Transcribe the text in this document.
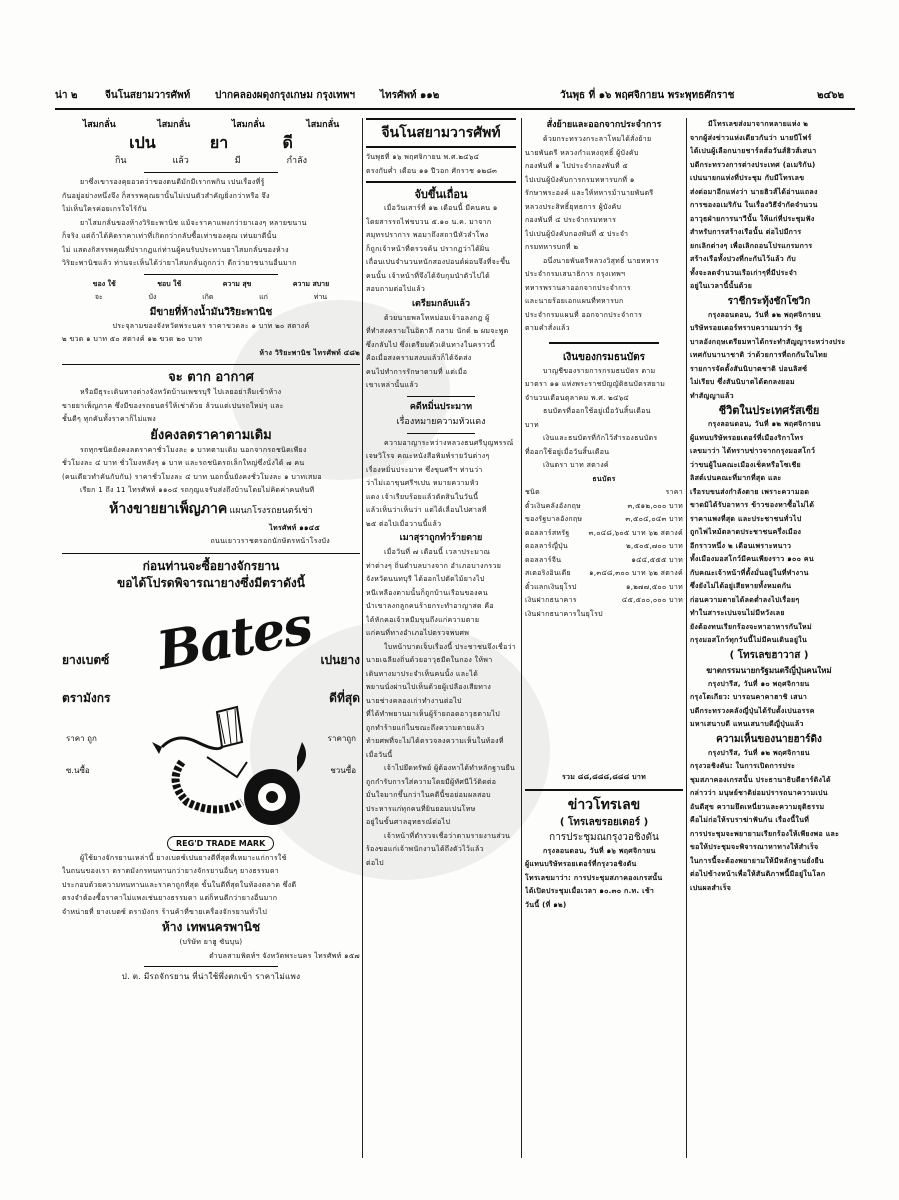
น่า ๒	จีนโนสยามวารศัพท์ ปากคลองผดุงกรุงเกษม กรุงเทพฯ	ไทรศัพท์ ๑๑๒	วันพุธ ที่ ๑๖ พฤศจิกายน พระพุทธศักราช	๒๔๖๒
ไสมกลั่น	ไสมกลั่น	ไสมกลั่น	ไสมกลั่น
เปน	ยา	ดี
กิน	แล้ว	มี	กำลัง
ยาซึ่งเขารองคุยอวดว่าของตนดีมักมีเรากพกิน เปนเรื่องที่รู้
กันอยู่อย่างหนึ่งจึง ก็สรรพคุณยานั้นไม่เปนตัวสำคัญยิ่งกว่าหรือ จึง
ไม่เห็นใครค่อยเกรใจไร้กัน
ยาไสมกลั่นของห้างวิริยะพานิช แม้จะราคาแพงกว่ายาเองๆ หลายขนาน
ก็จริง แต่ถ้าได้คิดราคาเท่าที่เกิดกว่ากลับซื้อเท่าของคุณ เท่นยาดีนั้น
ไม่ แสดงกิสรรพคุณที่ปรากฏแก่ท่านผู้คนรับประทานยาไสมกลั่นของห้าง
วิริยะพานิชแล้ว ท่านจะเห็นได้ว่ายาไสมกลั่นถูกกว่า ดีกว่ายาขนานอื่นมาก
ของ ใช้	ชอบ ใช้	ความ สุข	ความ สบาย
จะ	บัง	เกิด	แก่	ท่าน
มีขายที่ห้างน้ำมันวิริยะพานิช
ประจุลามของจังหวัดพระนคร ราคาขวดละ ๑ บาท ๒๐ สตางค์
๒ ขวด ๑ บาท ๕๐ สตางค์ ๑๒ ขวด ๒๐ บาท
ห้าง วิริยะพานิช ไทรศัพท์ ๔๘๒
จะ ตาก อากาศ
หรือมีธุระเดินทางต่างจังหวัดบ้านเพชรบุรี ไปเลยอย่าลืมเข้าห้าง
ขายยาเพ็ญภาค ซึ่งมีของรถยนตร์ให้เช่าด้วย ล้วนแต่เปนรถใหม่ๆ และ
ชั้นดีๆ ทุกคันทั้งราคาก็ไม่แพง
ยังคงลดราคาตามเดิม
รถทุกชนิดยังคงลดราคาชั่วโมงละ ๑ บาทตามเดิม นอกจากรถชนิดเพียง
ชั่วโมงละ ๔ บาท ชั่วโมงหลังๆ ๑ บาท และรถชนิดรถเล็กใหญ่ซึ่งนั่งได้ ๗ คน
(คนเดียวทำคันกับกัน) ราคาชั่วโมงละ ๔ บาท นอกนั้นยังคงชั่วโมงละ ๑ บาทเสมอ
เรียก 1 ถึง 11 ไทรศัพท์ ๑๑๐๔ รถกุญแจรับส่งถึงบ้านโดยไม่คิดค่าคนทันที
ห้างขายยาเพ็ญภาค แผนกโรงรถยนตร์เช่า
ไทรศัพท์ ๑๑๔๕
ถนนเยาวราชตรอกนักษัตรหน้าโรงบัง
ก่อนท่านจะซื้อยางจักรยาน
ขอได้โปรดพิจารณายางซึ่งมีตราดังนี้
Bates
ยางเบตซ์
ตรามังกร
ราคา ถูก
ซ.นซื้อ
เปนยาง
ดีที่สุด
ราคาถูก
ชวนซื้อ
REG'D TRADE MARK
ผู้ใช้ยางจักรยานเหล่านี้ ยางเบตซ์เปนยางดีที่สุดที่เหมาะแก่การใช้
ในถนนของเรา ตราตมังกรทนทานกว่ายางจักรยานอื่นๆ ยางธรรมดา
ประกอบด้วยความทนทานและราคาถูกที่สุด ขั้นในดีที่สุดในท้องตลาด ซึ่งดี
ตรงจำต้องซื้อราคาไม่แพงเช่นยางธรรมดา แต่ก็ทนดีกว่ายางอื่นมาก
จำหน่ายที่ ยางเบตซ์ ตรามังกร ร้านค้าที่ขายเครื่องจักรยานทั่วไป
ห้าง เทพนครพานิช
(บริษัท ยาฮู ซันบุน)
ตำบลสามพิตท์ฯ จังหวัดพระนคร ไทรศัพท์ ๑๕๗
ป. ต. มีรถจักรยาน ที่น่าใช้พึ่งตกเข้า ราคาไม่แพง
จีนโนสยามวารศัพท์
วันพุธที่ ๑๖ พฤศจิกายน พ.ศ.๒๔๖๔
ตรงกับค่ำ เดือน ๑๑ ปีวอก ศักราช ๑๒๘๓
จับขึ้นเถื่อน
เมื่อวันเสาร์ที่ ๑๒ เดือนนี้ มีคนคน ๑
โดยสารรถไฟขบวน ๕.๑๐ น.ค. มาจาก
สมุทรปราการ พอมาถึงสถานีหัวลำโพง
ก็ถูกเจ้าหน้าที่ตรวจค้น ปรากฏว่าได้ฝิ่น
เถื่อนเปนจำนวนหนักสองปอนด์ผ่อนจึงที่จะขึ้น
คนนั้น เจ้าหน้าที่จึงได้จับกุมนำตัวไปได้
สอบถามต่อไปแล้ว
เตรียมกลับแล้ว
ด้วยนายพลโทหม่อมเจ้าอลงกฎ ผู้
ที่ทำสงครามในอิตาลี กลาม นักด์ ๒ ผมจะพูด
ซึ่งกลับไป ซึ่งเตรียมตัวเดินทางในคราวนี้
คือเมื่อสงครามสงบแล้วก็ได้จัดส่ง
คนไปทำการรักษาตามที่ แต่เมื่อ
เขาเหล่านั้นแล้ว
คดีหมิ่นประมาท
เรื่องหมายความหัวแดง
ความอาญาระหว่างหลวงธนศรีบุญพรรณ์
เจษวิโรจ คณะหนังสือพิมพ์รายวันต่างๆ
เรื่องหมิ่นประมาท ซึ่งขุนศรีฯ ท่านว่า
ว่าไม่เอาขุนศรีฯเปน หมายความหัว
แดง เจ้าเรียบร้อยแล้วตัดสินในวันนี้
แล้วเห็นว่าเห็นว่า แต่ได้เลื่อนไปศาลที่
๒๕ ต่อไปเมื่อวานนี้แล้ว
เมาสุราถูกทำร้ายตาย
เมื่อวันที่ ๗ เดือนนี้ เวลาประมาณ
ท่าต่างๆ ถิ่นตำบลบางจาก อำเภอบางกรวย
จังหวัดนนทบุรี ได้ออกไปตัดไม้ยางไป
หนีเหลืองตามนั้นก็ถูกบ้านเรือนของคน
นำเขาลงกลูกคนร้ายกระทำอาญาสด คือ
ได้หักคอเจ้าหมีมขุนถึงแก่ความตาย
แก่คนที่ทางอำเภอไปตรวจพบศพ
ใบหน้าบาดเจ็บเรื่องนี้ ประชาชนจึงเชื่อว่า
นายเฉลียงถิ่นด้วยอาวุธมีดในกอง ให้พา
เดินทางมาประจำเห็นคนนั้ง และได้
พยานนั่งผ่านไปเห็นด้วยผู้เปลืองเสียทาง
นายช่างคลองเก่าทำงานต่อไป
ที่ได้ทำพยานมาเห็นผู้ร้ายถอดอาวุธตามไป
ถูกทำร้ายแก่ในขณะถึงความตายแล้ว
ท้ายศพที่จะไม่ได้ตรวจลงความเห็นในท้องที่
เมื่อวันนี้
เจ้าไปยึดทรัพย์ ผู้ต้องหาได้ทำหลักฐานยืน
ถูกกำรับการใส่ความโดยมีผู้ทัศนีไว้ติดต่อ
มั่นใจมากขึ้นกว่าในคดีนี้ขอย่อมผลสอบ
ประหารแก่ทุกคนที่ยินยอมเปนโทษ
อยู่ในขั้นศาลอุทธรณ์ต่อไป
เจ้าหน้าที่ตำรวจเชื่อว่าตามรายงานส่วน
ร้องขอแก่เจ้าพนักงานได้ถึงตัวไว้แล้ว
ต่อไป
สั่งย้ายและออกจากประจำการ
ด้วยกระทรวงกระลาโหมได้สั่งย้าย
นายพันตรี หลวงกำแหงฤทธิ์ ผู้บังคับ
กองพันที่ ๑ ไปประจำกองพันที่ ๕
ไปเปนผู้บังคับการกรมทหารบกที่ ๑
รักษาพระองค์ และให้ทหารม้านายพันตรี
หลวงประสิทธิ์ยุทธการ ผู้บังคับ
กองพันที่ ๔ ประจำกรมทหาร
ไปเปนผู้บังคับกองพันที่ ๕ ประจำ
กรมทหารบกที่ ๒
อนึ่งนายพันตรีหลวงวิสุทธิ์ นายทหาร
ประจำกรมเสนาธิการ กรุงเทพฯ
ทหารพรานลาออกจากประจำการ
และนายร้อยเอกแผนที่ทหารบก
ประจำกรมแผนที่ ออกจากประจำการ
ตามคำสั่งแล้ว
เงินของกรมธนบัตร
บาญชีของรายการกรมธนบัตร ตาม
มาตรา ๑๑ แห่งพระราชบัญญัติธนบัตรสยาม
จำนวนเดือนตุลาคม พ.ศ. ๒๔๖๔
ธนบัตรที่ออกใช้อยู่เมื่อวันสิ้นเดือน
บาท
เงินและธนบัตรที่กักไว้สำรองธนบัตร
ที่ออกใช้อยู่เมื่อวันสิ้นเดือน
เงินตรา บาท สตางค์
ธนบัตร
ชนิด	ราคา
ตั๋วเงินคลังอังกฤษ	๓,๕๑๒,๐๐๐ บาท
ของรัฐบาลอังกฤษ	๓,๕๐๔,๐๔๓ บาท
ดอลลาร์สหรัฐ	๓,๐๔๘,๖๐๕ บาท ๖๒ สตางค์
ดอลลาร์ญี่ปุ่น	๒,๕๐๕,๗๐๐ บาท
ดอลลาร์จีน	๑๔๔,๕๕๕ บาท
สเตอริงอินเดีย	๑,๓๔๘,๓๐๐ บาท ๖๒ สตางค์
ตั๋วแลกเงินยุโรป	๑,๒๗๗,๕๐๐ บาท
เงินฝากธนาคาร	๔๕,๕๐๐,๐๐๐ บาท
เงินฝากธนาคารในยุโรป
รวม ๘๘,๘๘๘,๘๘๘ บาท
ข่าวโทรเลข
( โทรเลขรอยเตอร์ )
การประชุมณกรุงวอชิงตัน
กรุงลอนดอน, วันที่ ๑๖ พฤศจิกายน
ผู้แทนบริษัทรอยเตอร์ที่กรุงวอชิงตัน
โทรเลขมาว่า: การประชุมสภาคองเกรสนั้น
ได้เปิดประชุมเมื่อเวลา ๑๐.๓๐ ก.ท. เช้า
วันนี้ (ที่ ๑๒)
มีโทรเลขส่งมาจากหลายแห่ง ๒
จากผู้ส่งข่าวแห่งเดียวกันว่า นายบีโฟร์
ได้เปนผู้เลือกนายชาร์ลส์อวันส์ฮิวส์เสนา
บดีกระทรวงการต่างประเทศ (อเมริกัน)
เปนนายกแห่งที่ประชุม กับมีโทรเลข
ส่งต่อมาอีกแห่งว่า นายฮิวส์ได้อ่านแถลง
การของอเมริกัน ในเรื่องวิธีจำกัดจำนวน
อาวุธฝ่ายการนาวีนั้น ให้แก่ที่ประชุมฟัง
สำหรับการสร้างเรือนั้น ต่อไปมีการ
ยกเลิกต่างๆ เพื่อเลิกถอนโปรแกรมการ
สร้างเรือทั้งปวงที่กะกันไว้แล้ว กับ
ทั้งจะลดจำนวนเรือเก่าๆที่มีประจำ
อยู่ในเวลานี้นั้นด้วย
ราชีกระทุ้งชักโซวิก
กรุงลอนดอน, วันที่ ๑๒ พฤศจิกายน
บริษัทรอยเตอร์ทราบความมาว่า รัฐ
บาลอังกฤษเตรียมหาได้กระทำสัญญาระหว่างประ
เทศกับนานาชาติ ว่าด้วยการที่ถกกันในไทย
รายการจัดตั้งสันนิบาตชาติ บ่อนลิสซ์
ไม่เรียบ ซึ่งสันนิบาตได้ตกลงยอม
ทำสัญญาแล้ว
ชีวิตในประเทศรัสเซีย
กรุงลอนดอน, วันที่ ๑๒ พฤศจิกายน
ผู้แทนบริษัทรอยเตอร์ที่เมืองริกาโทร
เลขมาว่า ได้ทราบข่าวจากกรุงมอสโกว์
ว่าขนผู้ในคณะเมืองเช็คหรือโซเชีย
ลิสต์เปนคณะที่มากที่สุด และ
เรือรบขนส่งกำลังตาย เพราะความอด
ขาดมิได้รับอาหาร ข้าวของหาซื้อไม่ได้
ราคาแพงที่สุด และประชาชนทั่วไป
ถูกไฟไหม้ตลาดประชาชนครึ่งเมือง
อีกราวหนึ่ง ๒ เดือนเพราะหนาว
ทั้งเมืองมอสโกว์มีคนเพียงราว ๑๐๐ คน
กับคณะเจ้าหน้าที่ตั้งมั่นอยู่ในที่ทำงาน
ซึ่งยังไม่ได้อยู่เสียหายทั้งหมดกัน
ก่อนความตายได้ลดต่ำลงไปเรื่อยๆ
ทำในสาระเปนจนไม่มีหวังเลย
ยังต้องทนเรียกร้องจะหาอาหารกันใหม่
กรุงมอสโกว์ทุกวันนี้ไม่มีคนเดินอยู่ใน
( โทรเลขฮาวาส )
ฆาตกรรมนายกรัฐมนตรีญี่ปุ่นคนใหม่
กรุงปารีส, วันที่ ๑๐ พฤศจิกายน
กรุงโตเกียว: บารอนคาคาฮาชิ เสนา
บดีกระทรวงคลังญี่ปุ่นได้รับตั้งเปนอรรค
มหาเสนาบดี แทนเสนาบดีญี่ปุ่นแล้ว
ความเห็นของนายฮาร์ดิง
กรุงปารีส, วันที่ ๑๒ พฤศจิกายน
กรุงวอชิงตัน: ในการเปิดการประ
ชุมสภาคองเกรสนั้น ประธานาธิบดีฮาร์ดิงได้
กล่าวว่า มนุษย์ชาติย่อมปรารถนาความเปน
อันดีสุข ความยึดเหนี่ยวและความยุติธรรม
คือไม่ก่อให้รบราฆ่าฟันกัน เรื่องนี้ในที่
การประชุมจะพยายามเรียกร้องให้เพียงพอ และ
ขอให้ประชุมจะพิจารณาหาทางให้สำเร็จ
ในการนี้จะต้องพยายามให้มีหลักฐานยั่งยืน
ต่อไปข้างหน้าเพื่อให้สันติภาพนี้มีอยู่ในโลก
เปนผลสำเร็จ
